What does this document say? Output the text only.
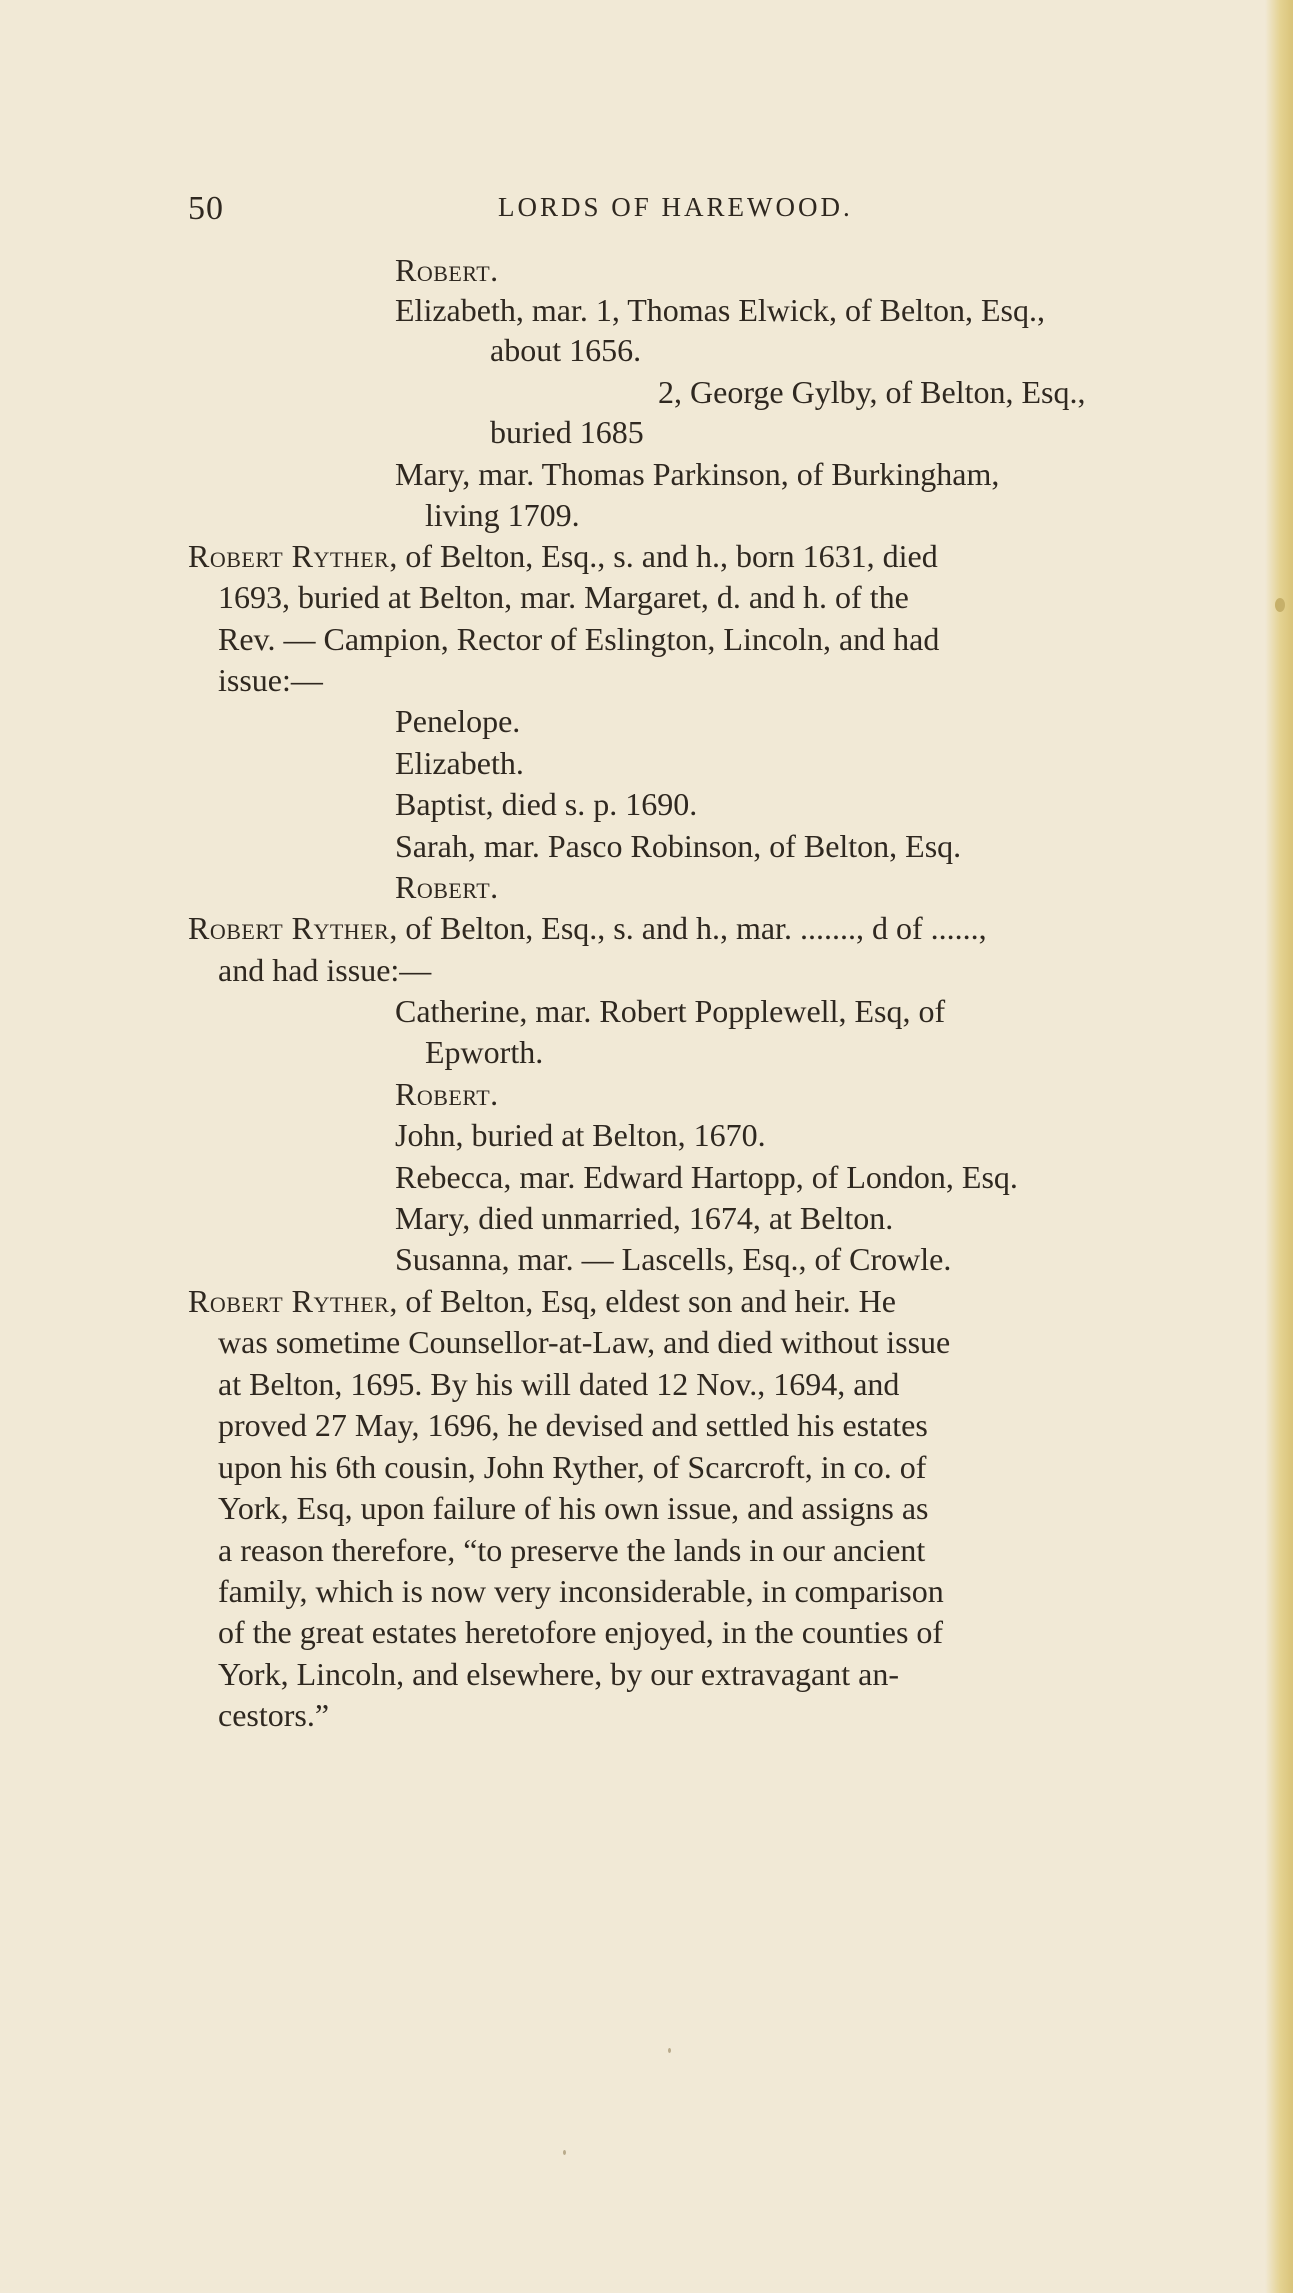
50	LORDS OF HAREWOOD.
Robert.
Elizabeth, mar. 1, Thomas Elwick, of Belton, Esq.,
about 1656.
2, George Gylby, of Belton, Esq.,
buried 1685
Mary, mar. Thomas Parkinson, of Burkingham,
living 1709.
Robert Ryther, of Belton, Esq., s. and h., born 1631, died
1693, buried at Belton, mar. Margaret, d. and h. of the
Rev. — Campion, Rector of Eslington, Lincoln, and had
issue:—
Penelope.
Elizabeth.
Baptist, died s. p. 1690.
Sarah, mar. Pasco Robinson, of Belton, Esq.
Robert.
Robert Ryther, of Belton, Esq., s. and h., mar. ......., d of ......,
and had issue:—
Catherine, mar. Robert Popplewell, Esq, of
Epworth.
Robert.
John, buried at Belton, 1670.
Rebecca, mar. Edward Hartopp, of London, Esq.
Mary, died unmarried, 1674, at Belton.
Susanna, mar. — Lascells, Esq., of Crowle.
Robert Ryther, of Belton, Esq, eldest son and heir. He
was sometime Counsellor-at-Law, and died without issue
at Belton, 1695. By his will dated 12 Nov., 1694, and
proved 27 May, 1696, he devised and settled his estates
upon his 6th cousin, John Ryther, of Scarcroft, in co. of
York, Esq, upon failure of his own issue, and assigns as
a reason therefore, “to preserve the lands in our ancient
family, which is now very inconsiderable, in comparison
of the great estates heretofore enjoyed, in the counties of
York, Lincoln, and elsewhere, by our extravagant an-
cestors.”
